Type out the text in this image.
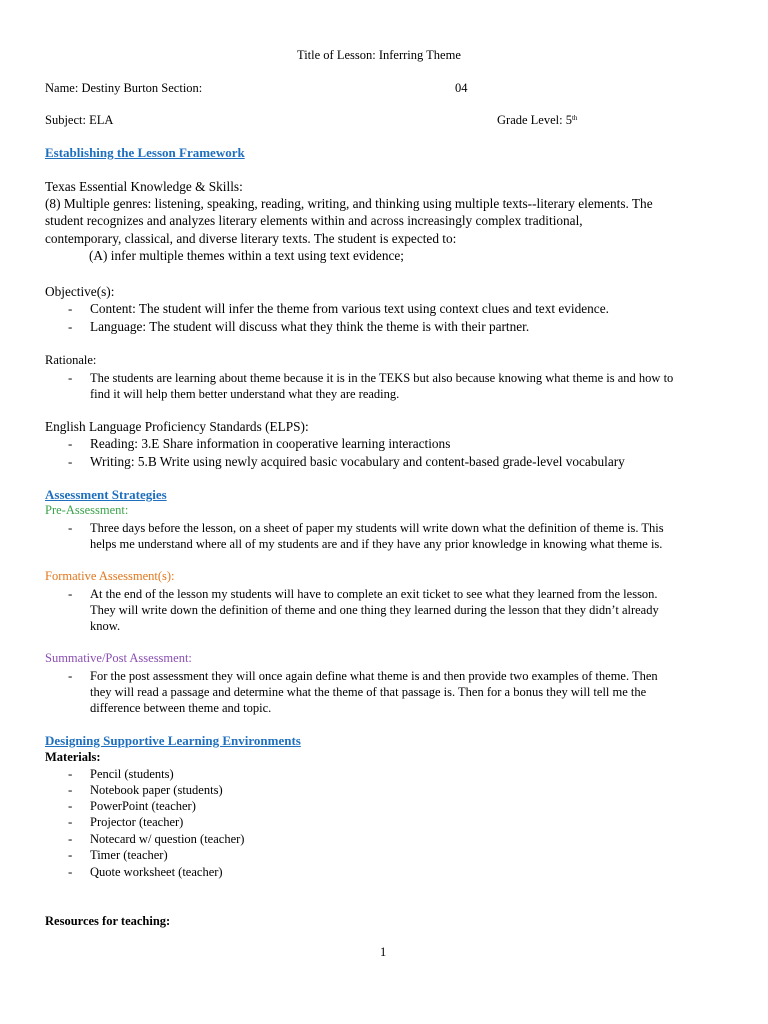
Title of Lesson: Inferring Theme
Name: Destiny Burton Section:	04
Subject: ELA	Grade Level: 5th
Establishing the Lesson Framework
Texas Essential Knowledge & Skills:
(8) Multiple genres: listening, speaking, reading, writing, and thinking using multiple texts--literary elements. The
student recognizes and analyzes literary elements within and across increasingly complex traditional,
contemporary, classical, and diverse literary texts. The student is expected to:
(A) infer multiple themes within a text using text evidence;
Objective(s):
- Content: The student will infer the theme from various text using context clues and text evidence.
- Language: The student will discuss what they think the theme is with their partner.
Rationale:
- The students are learning about theme because it is in the TEKS but also because knowing what theme is and how to
find it will help them better understand what they are reading.
English Language Proficiency Standards (ELPS):
- Reading: 3.E Share information in cooperative learning interactions
- Writing: 5.B Write using newly acquired basic vocabulary and content-based grade-level vocabulary
Assessment Strategies
Pre-Assessment:
- Three days before the lesson, on a sheet of paper my students will write down what the definition of theme is. This
helps me understand where all of my students are and if they have any prior knowledge in knowing what theme is.
Formative Assessment(s):
- At the end of the lesson my students will have to complete an exit ticket to see what they learned from the lesson.
They will write down the definition of theme and one thing they learned during the lesson that they didn’t already
know.
Summative/Post Assessment:
- For the post assessment they will once again define what theme is and then provide two examples of theme. Then
they will read a passage and determine what the theme of that passage is. Then for a bonus they will tell me the
difference between theme and topic.
Designing Supportive Learning Environments
Materials:
- Pencil (students)
- Notebook paper (students)
- PowerPoint (teacher)
- Projector (teacher)
- Notecard w/ question (teacher)
- Timer (teacher)
- Quote worksheet (teacher)
Resources for teaching:
1
